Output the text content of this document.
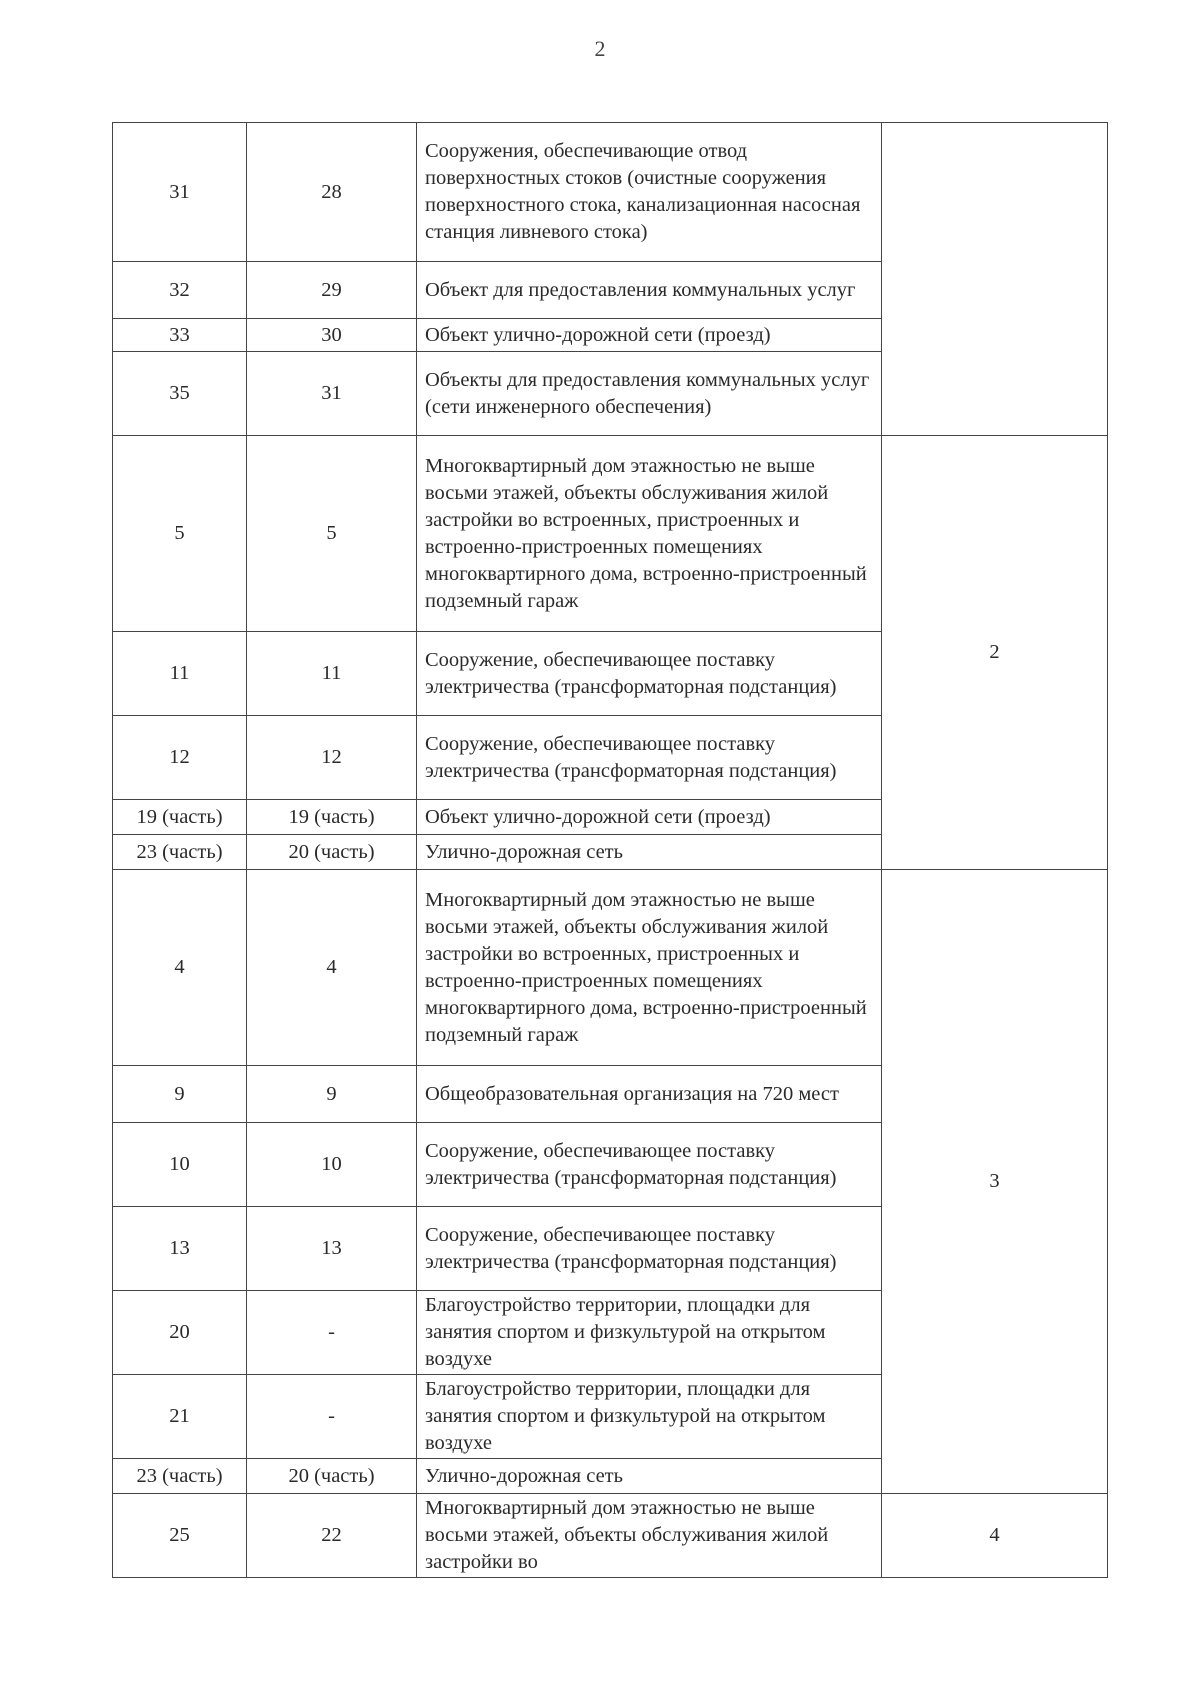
2
31	28	Сооружения, обеспечивающие отвод поверхностных стоков (очистные сооружения поверхностного стока, канализационная насосная станция ливневого стока)	
32	29	Объект для предоставления коммунальных услуг	
33	30	Объект улично-дорожной сети (проезд)	
35	31	Объекты для предоставления коммунальных услуг (сети инженерного обеспечения)	
5	5	Многоквартирный дом этажностью не выше восьми этажей, объекты обслуживания жилой застройки во встроенных, пристроенных и встроенно-пристроенных помещениях многоквартирного дома, встроенно-пристроенный подземный гараж	2
11	11	Сооружение, обеспечивающее поставку электричества (трансформаторная подстанция)	
12	12	Сооружение, обеспечивающее поставку электричества (трансформаторная подстанция)	
19 (часть)	19 (часть)	Объект улично-дорожной сети (проезд)	
23 (часть)	20 (часть)	Улично-дорожная сеть	
4	4	Многоквартирный дом этажностью не выше восьми этажей, объекты обслуживания жилой застройки во встроенных, пристроенных и встроенно-пристроенных помещениях многоквартирного дома, встроенно-пристроенный подземный гараж	3
9	9	Общеобразовательная организация на 720 мест	
10	10	Сооружение, обеспечивающее поставку электричества (трансформаторная подстанция)	
13	13	Сооружение, обеспечивающее поставку электричества (трансформаторная подстанция)	
20	-	Благоустройство территории, площадки для занятия спортом и физкультурой на открытом воздухе	
21	-	Благоустройство территории, площадки для занятия спортом и физкультурой на открытом воздухе	
23 (часть)	20 (часть)	Улично-дорожная сеть	
25	22	Многоквартирный дом этажностью не выше восьми этажей, объекты обслуживания жилой застройки во	4
